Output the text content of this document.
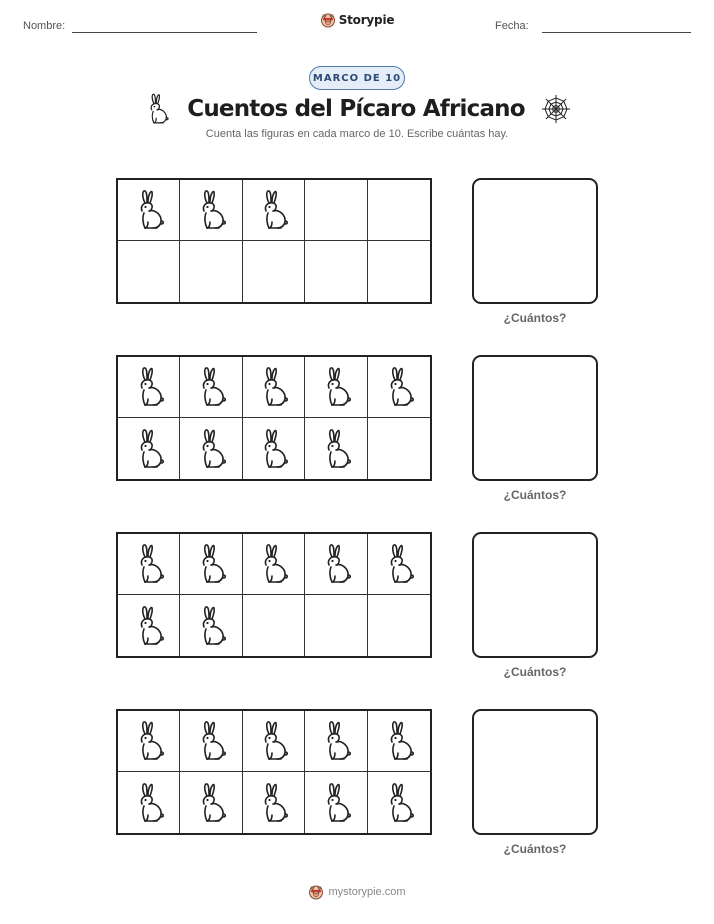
Nombre:	Storypie	Fecha:
MARCO DE 10
Cuentos del Pícaro Africano
Cuenta las figuras en cada marco de 10. Escribe cuántas hay.
¿Cuántos?
¿Cuántos?
¿Cuántos?
¿Cuántos?
mystorypie.com
